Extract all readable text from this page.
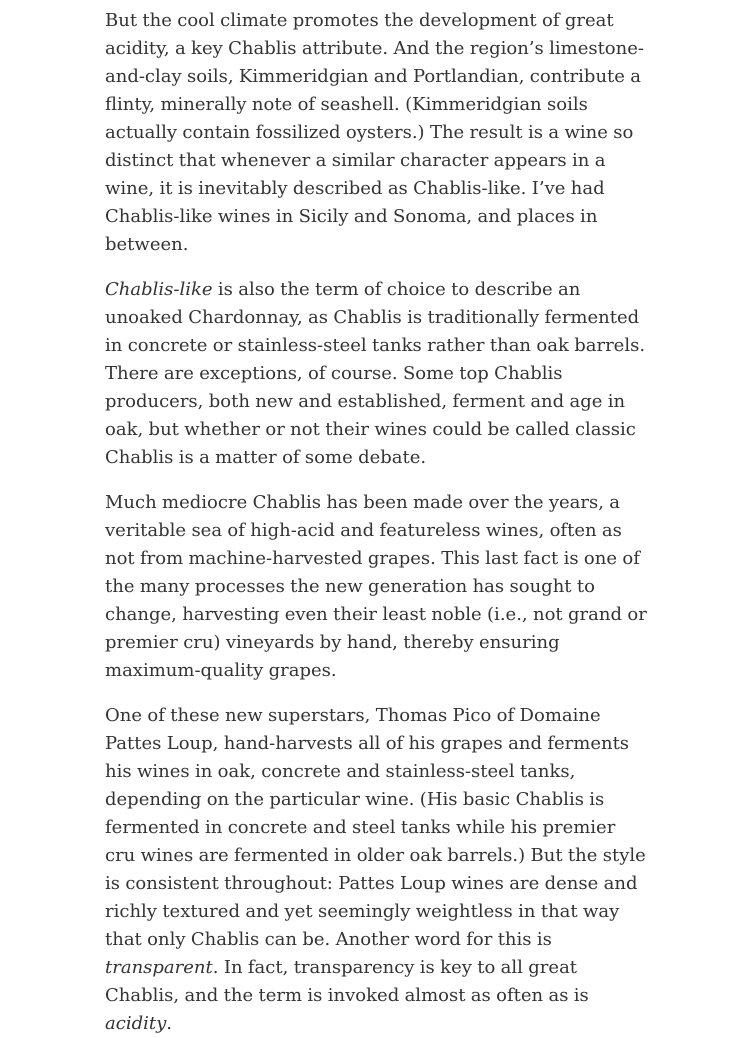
But the cool climate promotes the development of great acidity, a key Chablis attribute. And the region’s limestone-and-clay soils, Kimmeridgian and Portlandian, contribute a flinty, minerally note of seashell. (Kimmeridgian soils actually contain fossilized oysters.) The result is a wine so distinct that whenever a similar character appears in a wine, it is inevitably described as Chablis-like. I’ve had Chablis-like wines in Sicily and Sonoma, and places in between.

Chablis-like is also the term of choice to describe an unoaked Chardonnay, as Chablis is traditionally fermented in concrete or stainless-steel tanks rather than oak barrels. There are exceptions, of course. Some top Chablis producers, both new and established, ferment and age in oak, but whether or not their wines could be called classic Chablis is a matter of some debate.

Much mediocre Chablis has been made over the years, a veritable sea of high-acid and featureless wines, often as not from machine-harvested grapes. This last fact is one of the many processes the new generation has sought to change, harvesting even their least noble (i.e., not grand or premier cru) vineyards by hand, thereby ensuring maximum-quality grapes.

One of these new superstars, Thomas Pico of Domaine Pattes Loup, hand-harvests all of his grapes and ferments his wines in oak, concrete and stainless-steel tanks, depending on the particular wine. (His basic Chablis is fermented in concrete and steel tanks while his premier cru wines are fermented in older oak barrels.) But the style is consistent throughout: Pattes Loup wines are dense and richly textured and yet seemingly weightless in that way that only Chablis can be. Another word for this is transparent. In fact, transparency is key to all great Chablis, and the term is invoked almost as often as is acidity.
